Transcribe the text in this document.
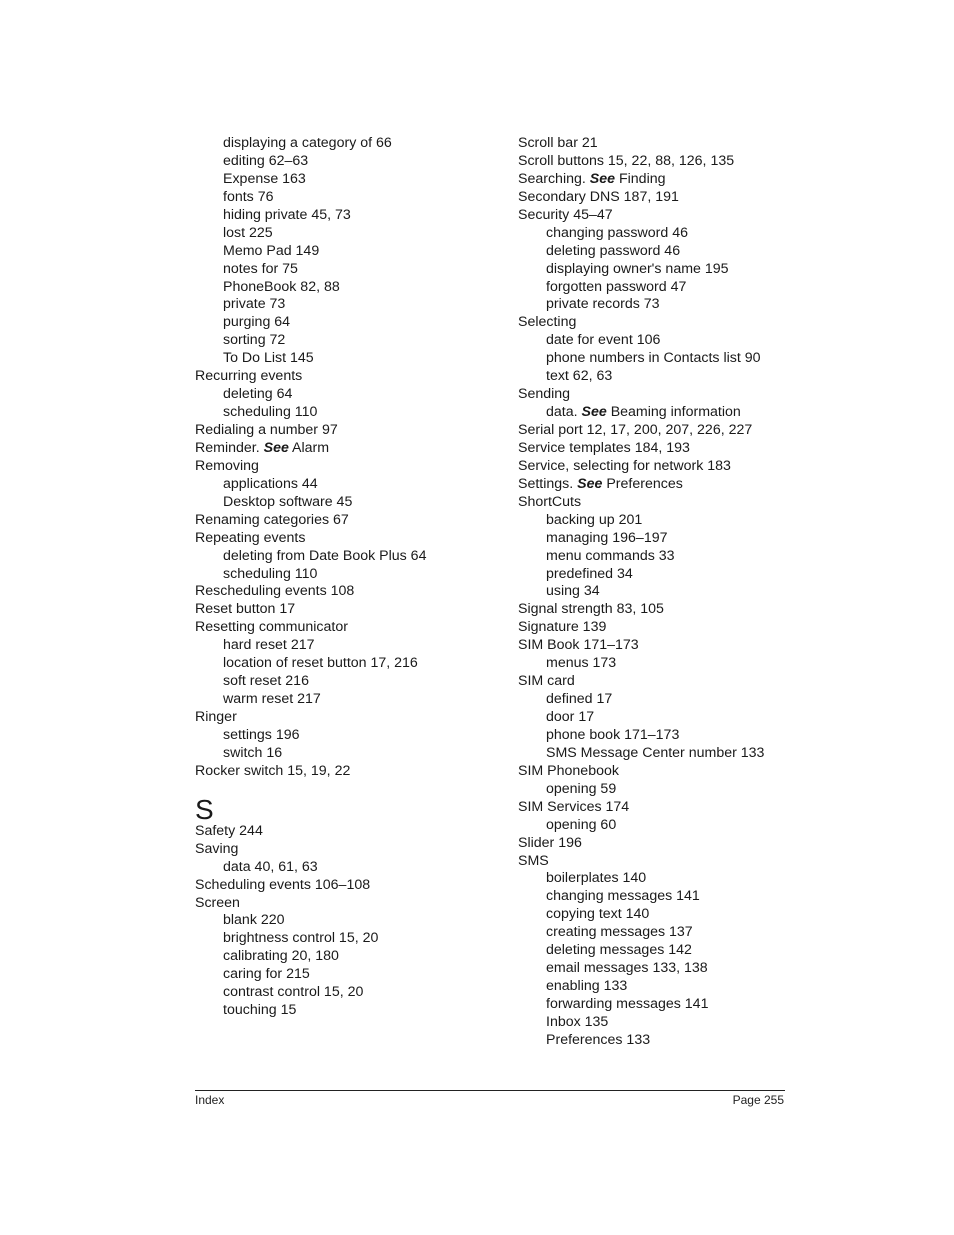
displaying a category of 66
editing 62–63
Expense 163
fonts 76
hiding private 45, 73
lost 225
Memo Pad 149
notes for 75
PhoneBook 82, 88
private 73
purging 64
sorting 72
To Do List 145
Recurring events
deleting 64
scheduling 110
Redialing a number 97
Reminder. See Alarm
Removing
applications 44
Desktop software 45
Renaming categories 67
Repeating events
deleting from Date Book Plus 64
scheduling 110
Rescheduling events 108
Reset button 17
Resetting communicator
hard reset 217
location of reset button 17, 216
soft reset 216
warm reset 217
Ringer
settings 196
switch 16
Rocker switch 15, 19, 22
S
Safety 244
Saving
data 40, 61, 63
Scheduling events 106–108
Screen
blank 220
brightness control 15, 20
calibrating 20, 180
caring for 215
contrast control 15, 20
touching 15
Scroll bar 21
Scroll buttons 15, 22, 88, 126, 135
Searching. See Finding
Secondary DNS 187, 191
Security 45–47
changing password 46
deleting password 46
displaying owner's name 195
forgotten password 47
private records 73
Selecting
date for event 106
phone numbers in Contacts list 90
text 62, 63
Sending
data. See Beaming information
Serial port 12, 17, 200, 207, 226, 227
Service templates 184, 193
Service, selecting for network 183
Settings. See Preferences
ShortCuts
backing up 201
managing 196–197
menu commands 33
predefined 34
using 34
Signal strength 83, 105
Signature 139
SIM Book 171–173
menus 173
SIM card
defined 17
door 17
phone book 171–173
SMS Message Center number 133
SIM Phonebook
opening 59
SIM Services 174
opening 60
Slider 196
SMS
boilerplates 140
changing messages 141
copying text 140
creating messages 137
deleting messages 142
email messages 133, 138
enabling 133
forwarding messages 141
Inbox 135
Preferences 133
Index	Page 255
